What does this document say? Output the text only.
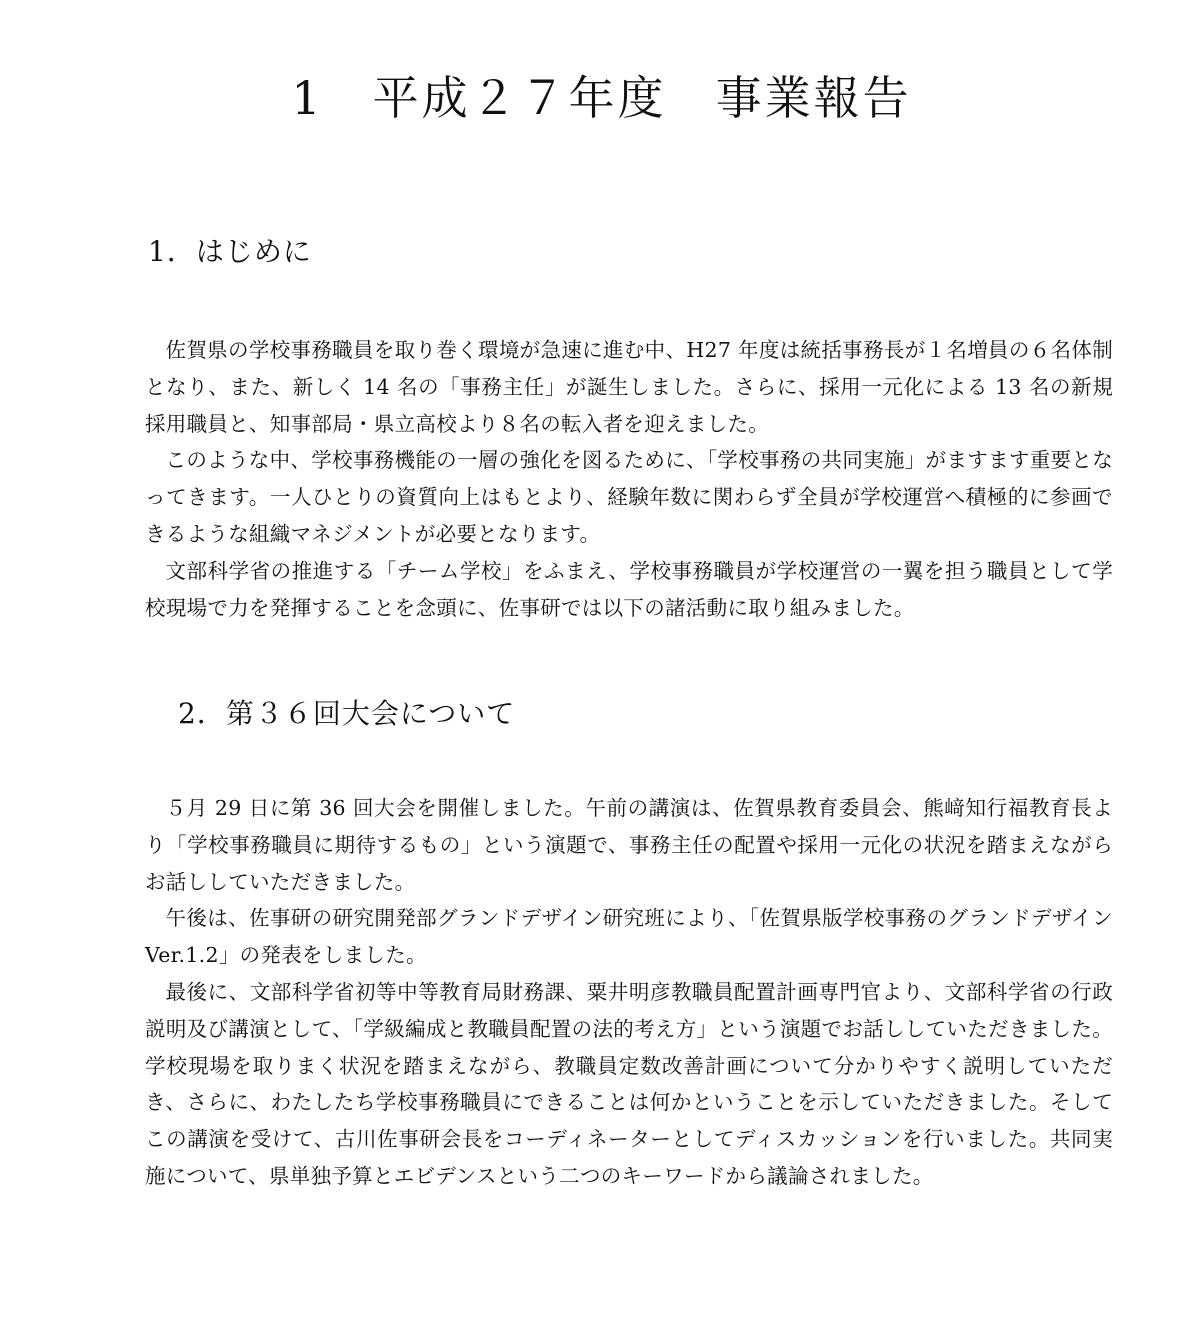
1　平成２７年度　事業報告
1．はじめに

佐賀県の学校事務職員を取り巻く環境が急速に進む中、H27 年度は統括事務長が１名増員の６名体制となり、また、新しく 14 名の「事務主任」が誕生しました。さらに、採用一元化による 13 名の新規採用職員と、知事部局・県立高校より８名の転入者を迎えました。

このような中、学校事務機能の一層の強化を図るために、「学校事務の共同実施」がますます重要となってきます。一人ひとりの資質向上はもとより、経験年数に関わらず全員が学校運営へ積極的に参画できるような組織マネジメントが必要となります。

文部科学省の推進する「チーム学校」をふまえ、学校事務職員が学校運営の一翼を担う職員として学校現場で力を発揮することを念頭に、佐事研では以下の諸活動に取り組みました。

2．第３６回大会について

５月 29 日に第 36 回大会を開催しました。午前の講演は、佐賀県教育委員会、熊﨑知行福教育長より「学校事務職員に期待するもの」という演題で、事務主任の配置や採用一元化の状況を踏まえながらお話ししていただきました。

午後は、佐事研の研究開発部グランドデザイン研究班により、「佐賀県版学校事務のグランドデザイン Ver.1.2」の発表をしました。

最後に、文部科学省初等中等教育局財務課、粟井明彦教職員配置計画専門官より、文部科学省の行政説明及び講演として、「学級編成と教職員配置の法的考え方」という演題でお話ししていただきました。学校現場を取りまく状況を踏まえながら、教職員定数改善計画について分かりやすく説明していただき、さらに、わたしたち学校事務職員にできることは何かということを示していただきました。そしてこの講演を受けて、古川佐事研会長をコーディネーターとしてディスカッションを行いました。共同実施について、県単独予算とエビデンスという二つのキーワードから議論されました。
